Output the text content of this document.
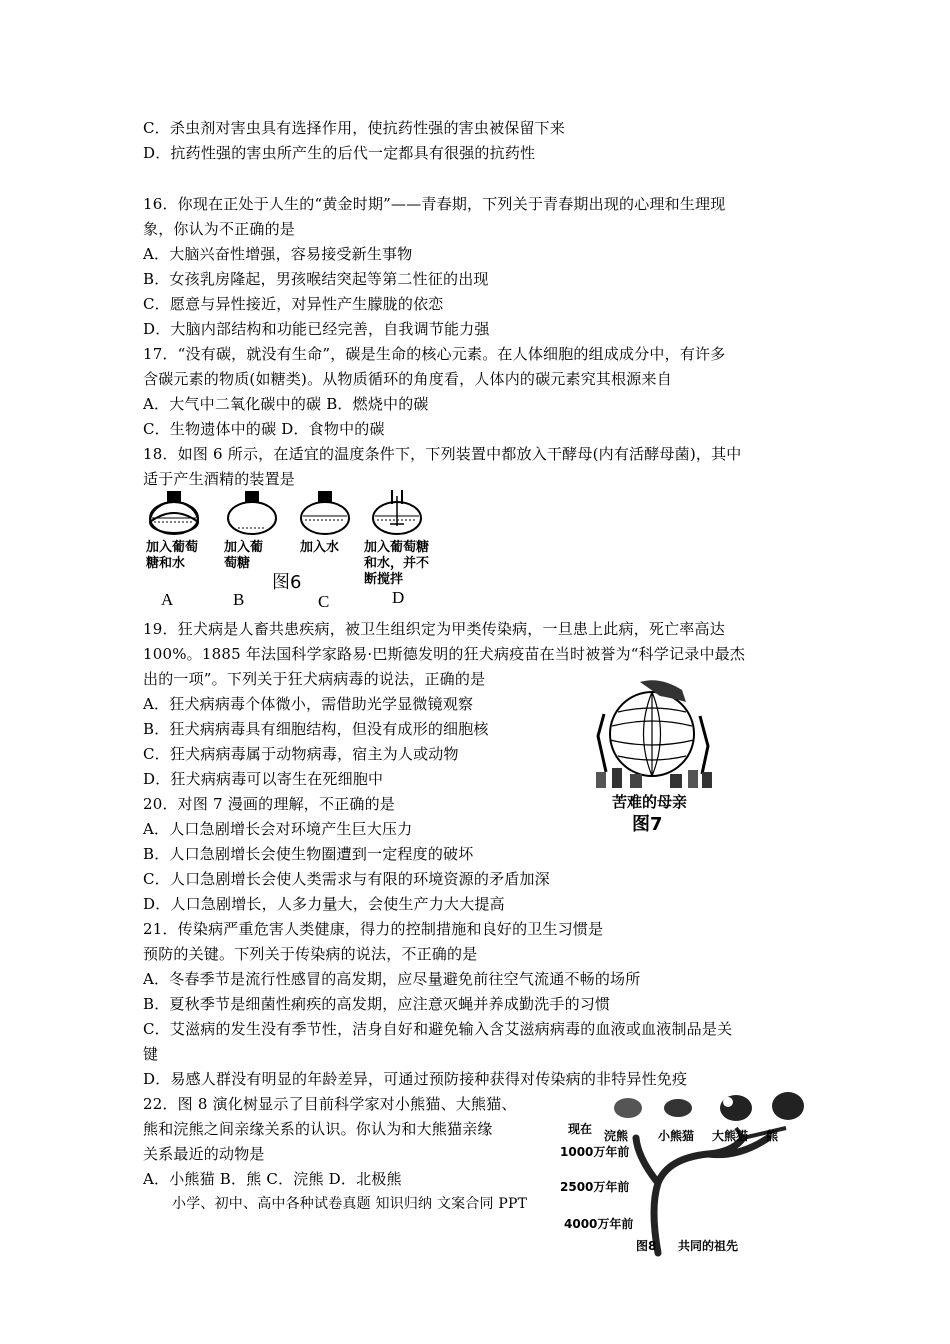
C．杀虫剂对害虫具有选择作用，使抗药性强的害虫被保留下来
D．抗药性强的害虫所产生的后代一定都具有很强的抗药性
16．你现在正处于人生的“黄金时期”——青春期，下列关于青春期出现的心理和生理现
象，你认为不正确的是
A．大脑兴奋性增强，容易接受新生事物
B．女孩乳房隆起，男孩喉结突起等第二性征的出现
C．愿意与异性接近，对异性产生朦胧的依恋
D．大脑内部结构和功能已经完善，自我调节能力强
17．“没有碳，就没有生命”，碳是生命的核心元素。在人体细胞的组成成分中，有许多
含碳元素的物质(如糖类)。从物质循环的角度看，人体内的碳元素究其根源来自
A．大气中二氧化碳中的碳 B．燃烧中的碳
C．生物遗体中的碳 D．食物中的碳
18．如图 6 所示，在适宜的温度条件下，下列装置中都放入干酵母(内有活酵母菌)，其中
适于产生酒精的装置是
19．狂犬病是人畜共患疾病，被卫生组织定为甲类传染病，一旦患上此病，死亡率高达
100%。1885 年法国科学家路易·巴斯德发明的狂犬病疫苗在当时被誉为“科学记录中最杰
出的一项”。下列关于狂犬病病毒的说法，正确的是
A．狂犬病病毒个体微小，需借助光学显微镜观察
B．狂犬病病毒具有细胞结构，但没有成形的细胞核
C．狂犬病病毒属于动物病毒，宿主为人或动物
D．狂犬病病毒可以寄生在死细胞中
20．对图 7 漫画的理解，不正确的是
A．人口急剧增长会对环境产生巨大压力
B．人口急剧增长会使生物圈遭到一定程度的破坏
C．人口急剧增长会使人类需求与有限的环境资源的矛盾加深
D．人口急剧增长，人多力量大，会使生产力大大提高
21．传染病严重危害人类健康，得力的控制措施和良好的卫生习惯是
预防的关键。下列关于传染病的说法，不正确的是
A．冬春季节是流行性感冒的高发期，应尽量避免前往空气流通不畅的场所
B．夏秋季节是细菌性痢疾的高发期，应注意灭蝇并养成勤洗手的习惯
C．艾滋病的发生没有季节性，洁身自好和避免输入含艾滋病病毒的血液或血液制品是关
键
D．易感人群没有明显的年龄差异，可通过预防接种获得对传染病的非特异性免疫
22．图 8 演化树显示了目前科学家对小熊猫、大熊猫、
熊和浣熊之间亲缘关系的认识。你认为和大熊猫亲缘
关系最近的动物是
A．小熊猫 B．熊 C．浣熊 D．北极熊
小学、初中、高中各种试卷真题 知识归纳 文案合同 PPT
加入葡萄
糖和水
加入葡
萄糖
加入水 加入葡萄糖
和水，并不
断搅拌
图6
A	B	C	D
苦难的母亲
图7
现在 浣熊 小熊猫 大熊猫 熊
1000万年前
2500万年前
4000万年前
图8 共同的祖先
